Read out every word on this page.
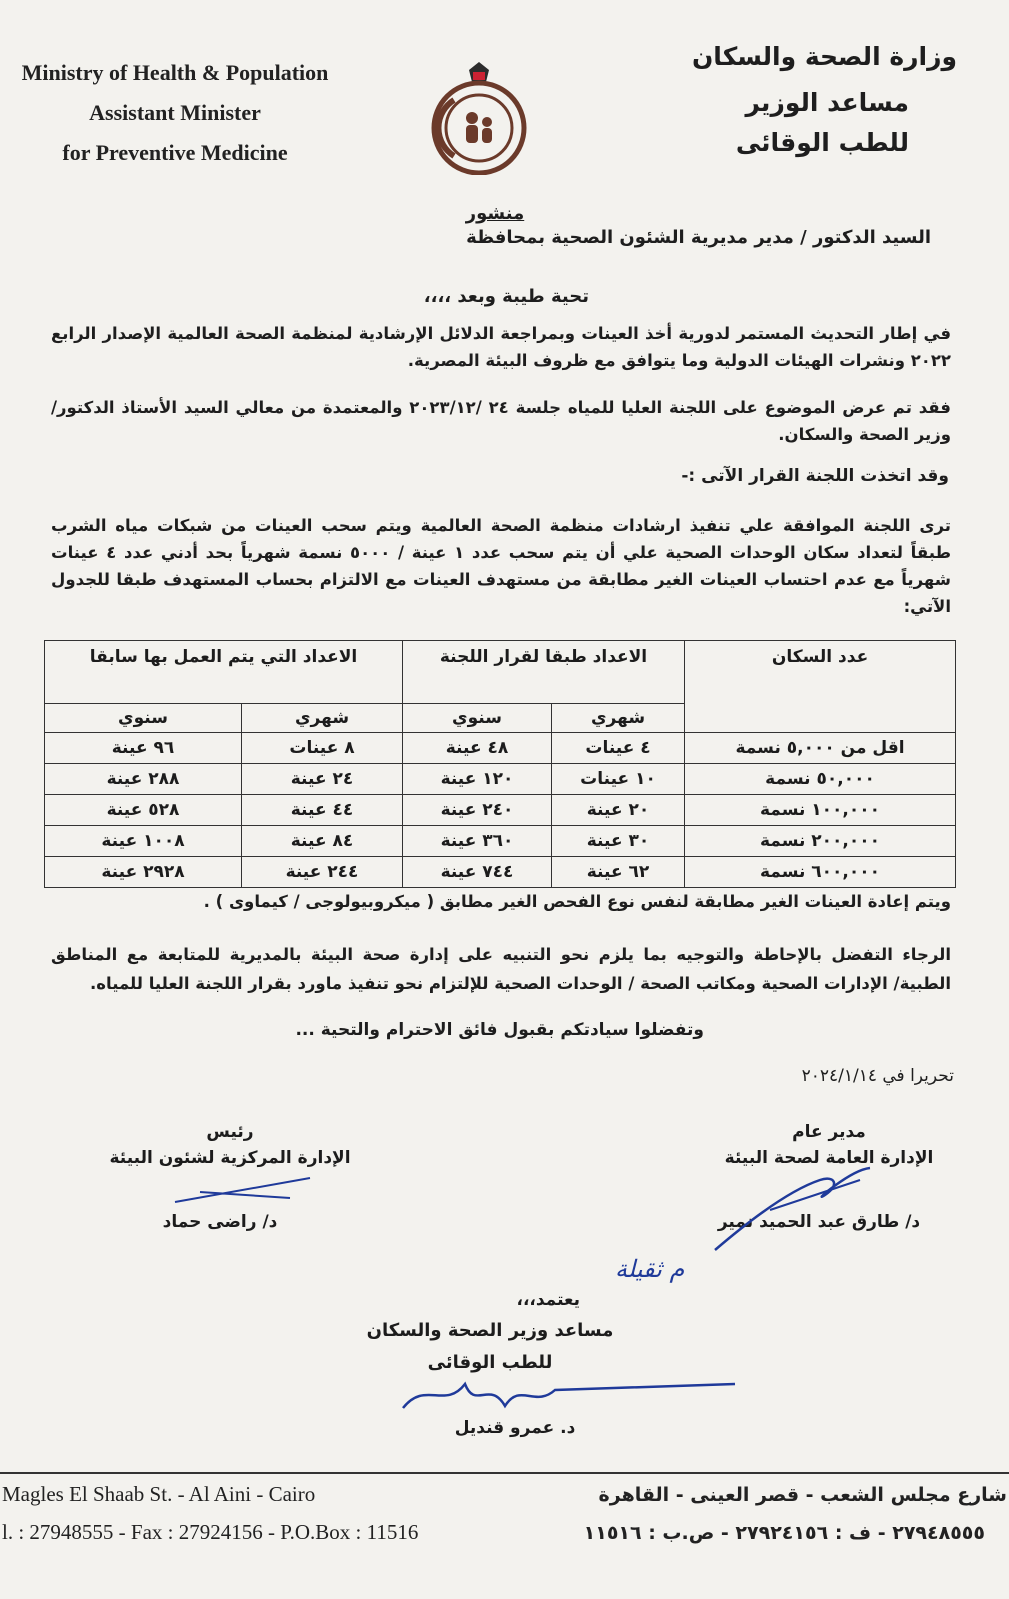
Ministry of Health & Population
Assistant Minister
for Preventive Medicine
وزارة الصحة والسكان
مساعد الوزير
للطب الوقائى
منشور
السيد الدكتور / مدير مديرية الشئون الصحية بمحافظة
تحية طيبة وبعد ،،،،
في إطار التحديث المستمر لدورية أخذ العينات وبمراجعة الدلائل الإرشادية لمنظمة الصحة العالمية الإصدار الرابع ٢٠٢٢ ونشرات الهيئات الدولية وما يتوافق مع ظروف البيئة المصرية.
فقد تم عرض الموضوع على اللجنة العليا للمياه جلسة ٢٤ /٢٠٢٣/١٢ والمعتمدة من معالي السيد الأستاذ الدكتور/ وزير الصحة والسكان.
وقد اتخذت اللجنة القرار الآتى :-
ترى اللجنة الموافقة علي تنفيذ ارشادات منظمة الصحة العالمية ويتم سحب العينات من شبكات مياه الشرب طبقاً لتعداد سكان الوحدات الصحية علي أن يتم سحب عدد ١ عينة / ٥٠٠٠ نسمة شهرياً بحد أدني عدد ٤ عينات شهرياً مع عدم احتساب العينات الغير مطابقة من مستهدف العينات مع الالتزام بحساب المستهدف طبقا للجدول الآتي:
عدد السكان	الاعداد طبقا لقرار اللجنة		الاعداد التي يتم العمل بها سابقا	
	شهري	سنوي	شهري	سنوي
اقل من ٥,٠٠٠ نسمة	٤ عينات	٤٨ عينة	٨ عينات	٩٦ عينة
٥٠,٠٠٠ نسمة	١٠ عينات	١٢٠ عينة	٢٤ عينة	٢٨٨ عينة
١٠٠,٠٠٠ نسمة	٢٠ عينة	٢٤٠ عينة	٤٤ عينة	٥٢٨ عينة
٢٠٠,٠٠٠ نسمة	٣٠ عينة	٣٦٠ عينة	٨٤ عينة	١٠٠٨ عينة
٦٠٠,٠٠٠ نسمة	٦٢ عينة	٧٤٤ عينة	٢٤٤ عينة	٢٩٢٨ عينة
ويتم إعادة العينات الغير مطابقة لنفس نوع الفحص الغير مطابق ( ميكروبيولوجى / كيماوى ) .
الرجاء التفضل بالإحاطة والتوجيه بما يلزم نحو التنبيه على إدارة صحة البيئة بالمديرية للمتابعة مع المناطق الطبية/ الإدارات الصحية ومكاتب الصحة / الوحدات الصحية للإلتزام نحو تنفيذ ماورد بقرار اللجنة العليا للمياه.
وتفضلوا سيادتكم بقبول فائق الاحترام والتحية ...
تحريرا في ٢٠٢٤/١/١٤
مدير عام
الإدارة العامة لصحة البيئة
د/ طارق عبد الحميد نمير
رئيس
الإدارة المركزية لشئون البيئة
د/ راضى حماد
م ثقيلة
يعتمد،،،
مساعد وزير الصحة والسكان
للطب الوقائى
د. عمرو قنديل
Magles El Shaab St. - Al Aini - Cairo
l. : 27948555 - Fax : 27924156 - P.O.Box : 11516
شارع مجلس الشعب - قصر العينى - القاهرة
٢٧٩٤٨٥٥٥ - ف : ٢٧٩٢٤١٥٦ - ص.ب : ١١٥١٦
